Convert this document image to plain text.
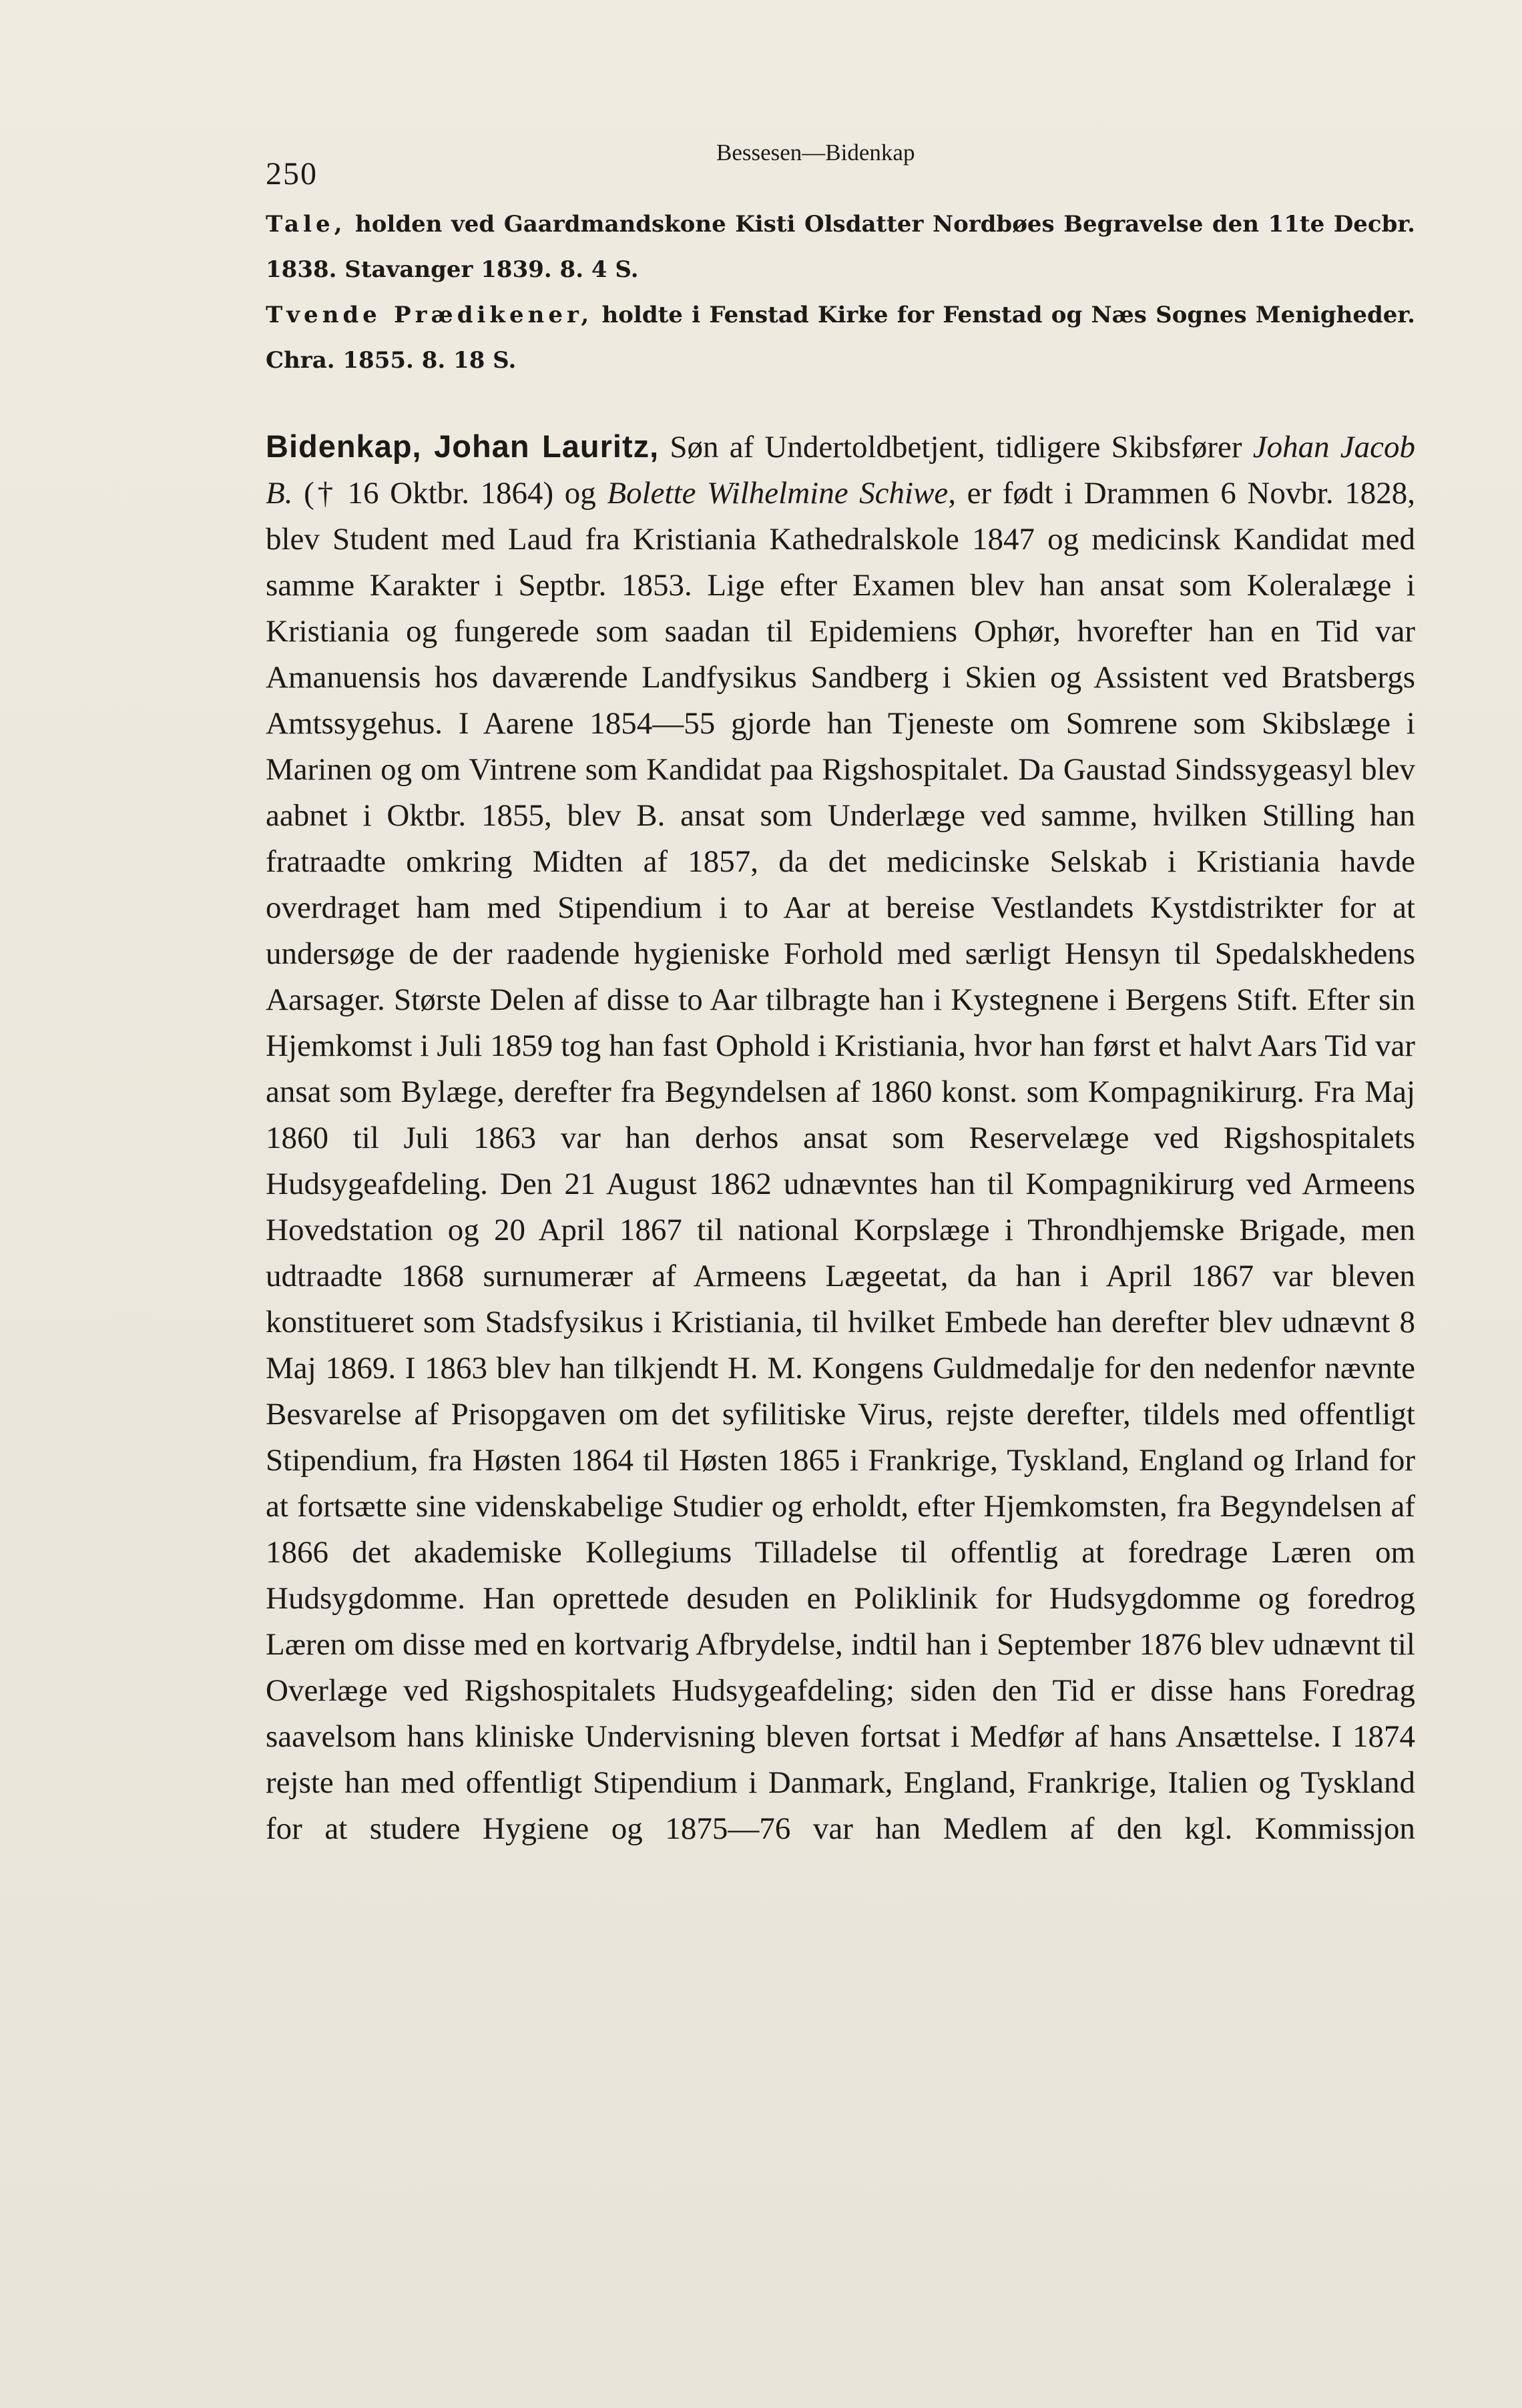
250
Bessesen—Bidenkap

Tale, holden ved Gaardmandskone Kisti Olsdatter Nordbøes Begravelse den 11te Decbr. 1838. Stavanger 1839. 8. 4 S.

Tvende Prædikener, holdte i Fenstad Kirke for Fenstad og Næs Sognes Menigheder. Chra. 1855. 8. 18 S.

Bidenkap, Johan Lauritz, Søn af Undertoldbetjent, tidligere Skibsfører Johan Jacob B. († 16 Oktbr. 1864) og Bolette Wilhelmine Schiwe, er født i Drammen 6 Novbr. 1828, blev Student med Laud fra Kristiania Kathedralskole 1847 og medicinsk Kandidat med samme Karakter i Septbr. 1853. Lige efter Examen blev han ansat som Koleralæge i Kristiania og fungerede som saadan til Epidemiens Ophør, hvorefter han en Tid var Amanuensis hos daværende Landfysikus Sandberg i Skien og Assistent ved Bratsbergs Amtssygehus. I Aarene 1854—55 gjorde han Tjeneste om Somrene som Skibslæge i Marinen og om Vintrene som Kandidat paa Rigshospitalet. Da Gaustad Sindssygeasyl blev aabnet i Oktbr. 1855, blev B. ansat som Underlæge ved samme, hvilken Stilling han fratraadte omkring Midten af 1857, da det medicinske Selskab i Kristiania havde overdraget ham med Stipendium i to Aar at bereise Vestlandets Kystdistrikter for at undersøge de der raadende hygieniske Forhold med særligt Hensyn til Spedalskhedens Aarsager. Største Delen af disse to Aar tilbragte han i Kystegnene i Bergens Stift. Efter sin Hjemkomst i Juli 1859 tog han fast Ophold i Kristiania, hvor han først et halvt Aars Tid var ansat som Bylæge, derefter fra Begyndelsen af 1860 konst. som Kompagnikirurg. Fra Maj 1860 til Juli 1863 var han derhos ansat som Reservelæge ved Rigshospitalets Hudsygeafdeling. Den 21 August 1862 udnævntes han til Kompagnikirurg ved Armeens Hovedstation og 20 April 1867 til national Korpslæge i Throndhjemske Brigade, men udtraadte 1868 surnumerær af Armeens Lægeetat, da han i April 1867 var bleven konstitueret som Stadsfysikus i Kristiania, til hvilket Embede han derefter blev udnævnt 8 Maj 1869. I 1863 blev han tilkjendt H. M. Kongens Guldmedalje for den nedenfor nævnte Besvarelse af Prisopgaven om det syfilitiske Virus, rejste derefter, tildels med offentligt Stipendium, fra Høsten 1864 til Høsten 1865 i Frankrige, Tyskland, England og Irland for at fortsætte sine videnskabelige Studier og erholdt, efter Hjemkomsten, fra Begyndelsen af 1866 det akademiske Kollegiums Tilladelse til offentlig at foredrage Læren om Hudsygdomme. Han oprettede desuden en Poliklinik for Hudsygdomme og foredrog Læren om disse med en kortvarig Afbrydelse, indtil han i September 1876 blev udnævnt til Overlæge ved Rigshospitalets Hudsygeafdeling; siden den Tid er disse hans Foredrag saavelsom hans kliniske Undervisning bleven fortsat i Medfør af hans Ansættelse. I 1874 rejste han med offentligt Stipendium i Danmark, England, Frankrige, Italien og Tyskland for at studere Hygiene og 1875—76 var han Medlem af den kgl. Kommissjon
